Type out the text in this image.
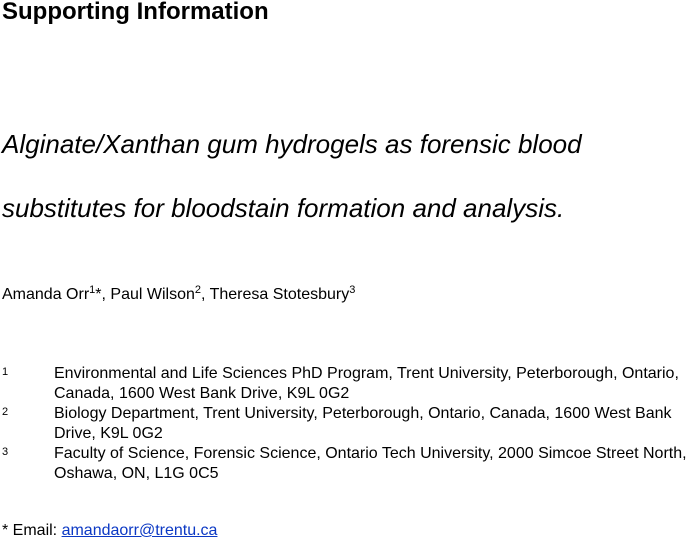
Supporting Information
Alginate/Xanthan gum hydrogels as forensic blood
substitutes for bloodstain formation and analysis.
Amanda Orr$^1$*, Paul Wilson$^2$, Theresa Stotesbury$^3$
1	Environmental and Life Sciences PhD Program, Trent University, Peterborough, Ontario, Canada, 1600 West Bank Drive, K9L 0G2
2	Biology Department, Trent University, Peterborough, Ontario, Canada, 1600 West Bank Drive, K9L 0G2
3	Faculty of Science, Forensic Science, Ontario Tech University, 2000 Simcoe Street North, Oshawa, ON, L1G 0C5
* Email: amandaorr@trentu.ca
